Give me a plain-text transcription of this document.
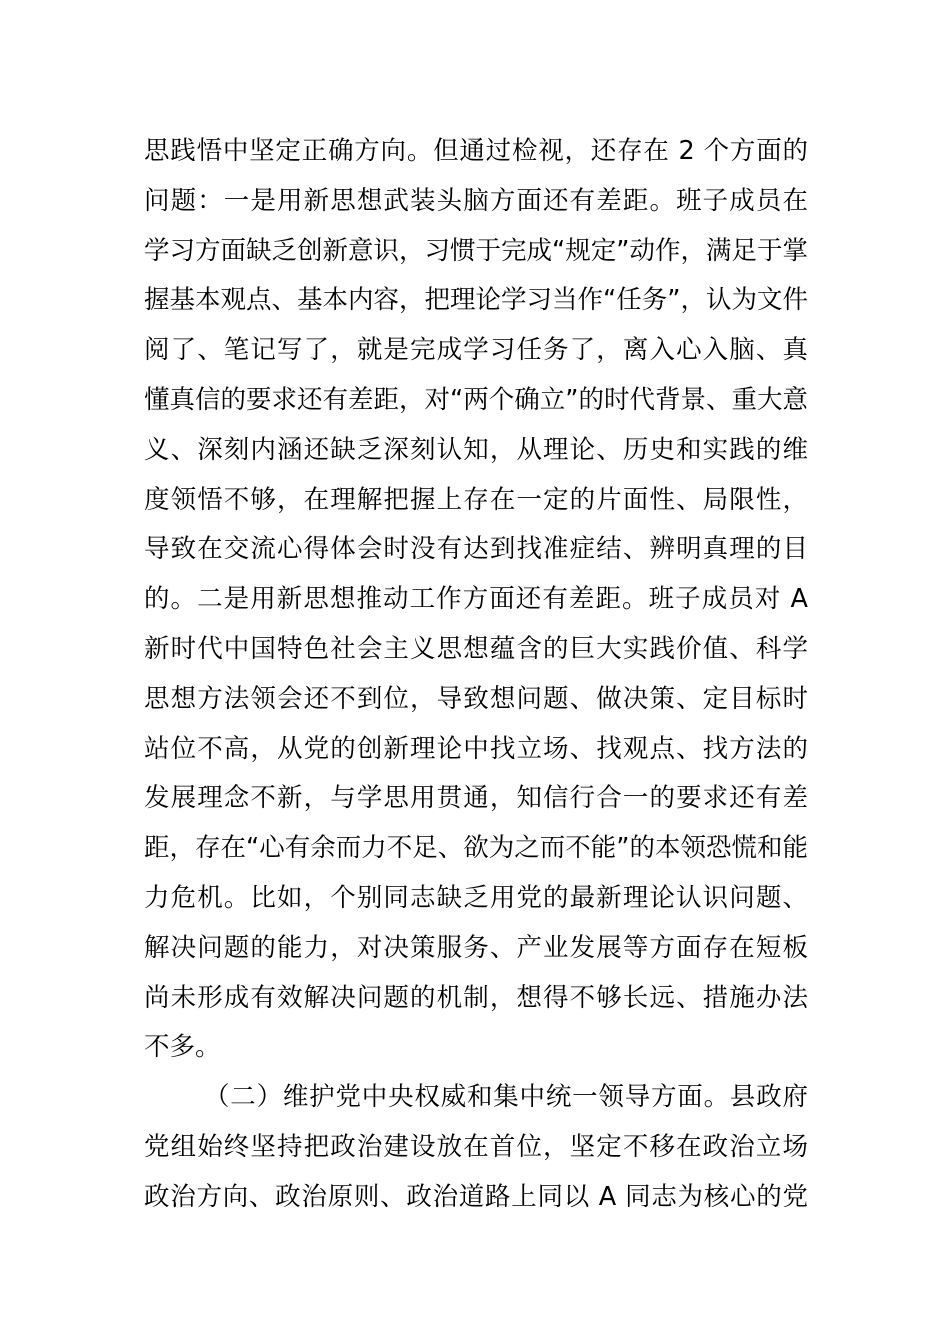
思践悟中坚定正确方向。但通过检视，还存在 2 个方面的
问题：一是用新思想武装头脑方面还有差距。班子成员在
学习方面缺乏创新意识，习惯于完成“规定”动作，满足于掌
握基本观点、基本内容，把理论学习当作“任务”，认为文件
阅了、笔记写了，就是完成学习任务了，离入心入脑、真
懂真信的要求还有差距，对“两个确立”的时代背景、重大意
义、深刻内涵还缺乏深刻认知，从理论、历史和实践的维
度领悟不够，在理解把握上存在一定的片面性、局限性，
导致在交流心得体会时没有达到找准症结、辨明真理的目
的。二是用新思想推动工作方面还有差距。班子成员对 A
新时代中国特色社会主义思想蕴含的巨大实践价值、科学
思想方法领会还不到位，导致想问题、做决策、定目标时
站位不高，从党的创新理论中找立场、找观点、找方法的
发展理念不新，与学思用贯通，知信行合一的要求还有差
距，存在“心有余而力不足、欲为之而不能”的本领恐慌和能
力危机。比如，个别同志缺乏用党的最新理论认识问题、
解决问题的能力，对决策服务、产业发展等方面存在短板
尚未形成有效解决问题的机制，想得不够长远、措施办法
不多。
（二）维护党中央权威和集中统一领导方面。县政府
党组始终坚持把政治建设放在首位，坚定不移在政治立场
政治方向、政治原则、政治道路上同以 A 同志为核心的党
